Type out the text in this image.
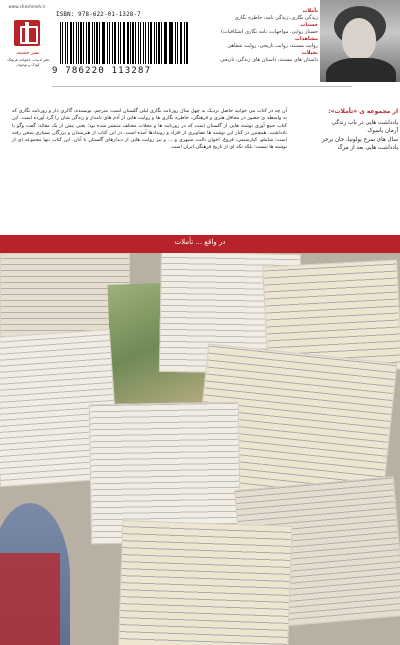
www.cheshmeh.ir
نشر چشمه
دفتر ادبیات، خانواده، فرهنگ، کودک و نوجوان
ISBN: 978-622-01-1328-7
9 786220 113287
تأملات
زندگی نگاری، زندگی نامه، خاطره نگاری
حسنات
جستار روایی، مواجهات، نامه نگاری (شکافیات)
مشاهدات
روایت مستند، روایت تاریخی، روایت شفاهی
تخیلات
داستان های مستند، داستان های زندگی، تاریخی
از مجموعه ی «تأملات»:
یادداشت هایی در باب زندگی
آرمان یاسوک
سال های سرخ پولونیا، جان برجر
یادداشت هایی بعد از مرگ
آن چه در کتاب می خوانید حاصل نزدیک به چهل سال روزنامه نگاری لیلی گلستان است. مترجم، نویسنده، گالری دار و روزنامه نگاری که به واسطه ی حضور در محافل هنری و فرهنگی، خاطره نگاری ها و روایت هایی از آدم های نامدار و زندگی شان را گرد آورده است. این کتاب جمع آوری نوشته هایی از گلستان است که در روزنامه ها و مجلات مختلف منتشر شده بود؛ یعنی بیش از یک مقاله، گفت وگو یا یادداشت. همچنین در کنار این نوشته ها تصاویری از افراد و رویدادها آمده است. در این کتاب از هنرمندان و بزرگان بسیاری سخن رفته است: شاملو، کیارستمی، فروغ، اخوان ثالث، سپهری و ... و نیز روایت هایی از دیدارهای گلستان با آنان. این کتاب تنها مجموعه ای از نوشته ها نیست؛ بلکه تکه ای از تاریخ فرهنگی ایران است.
در واقع ... تأملات
